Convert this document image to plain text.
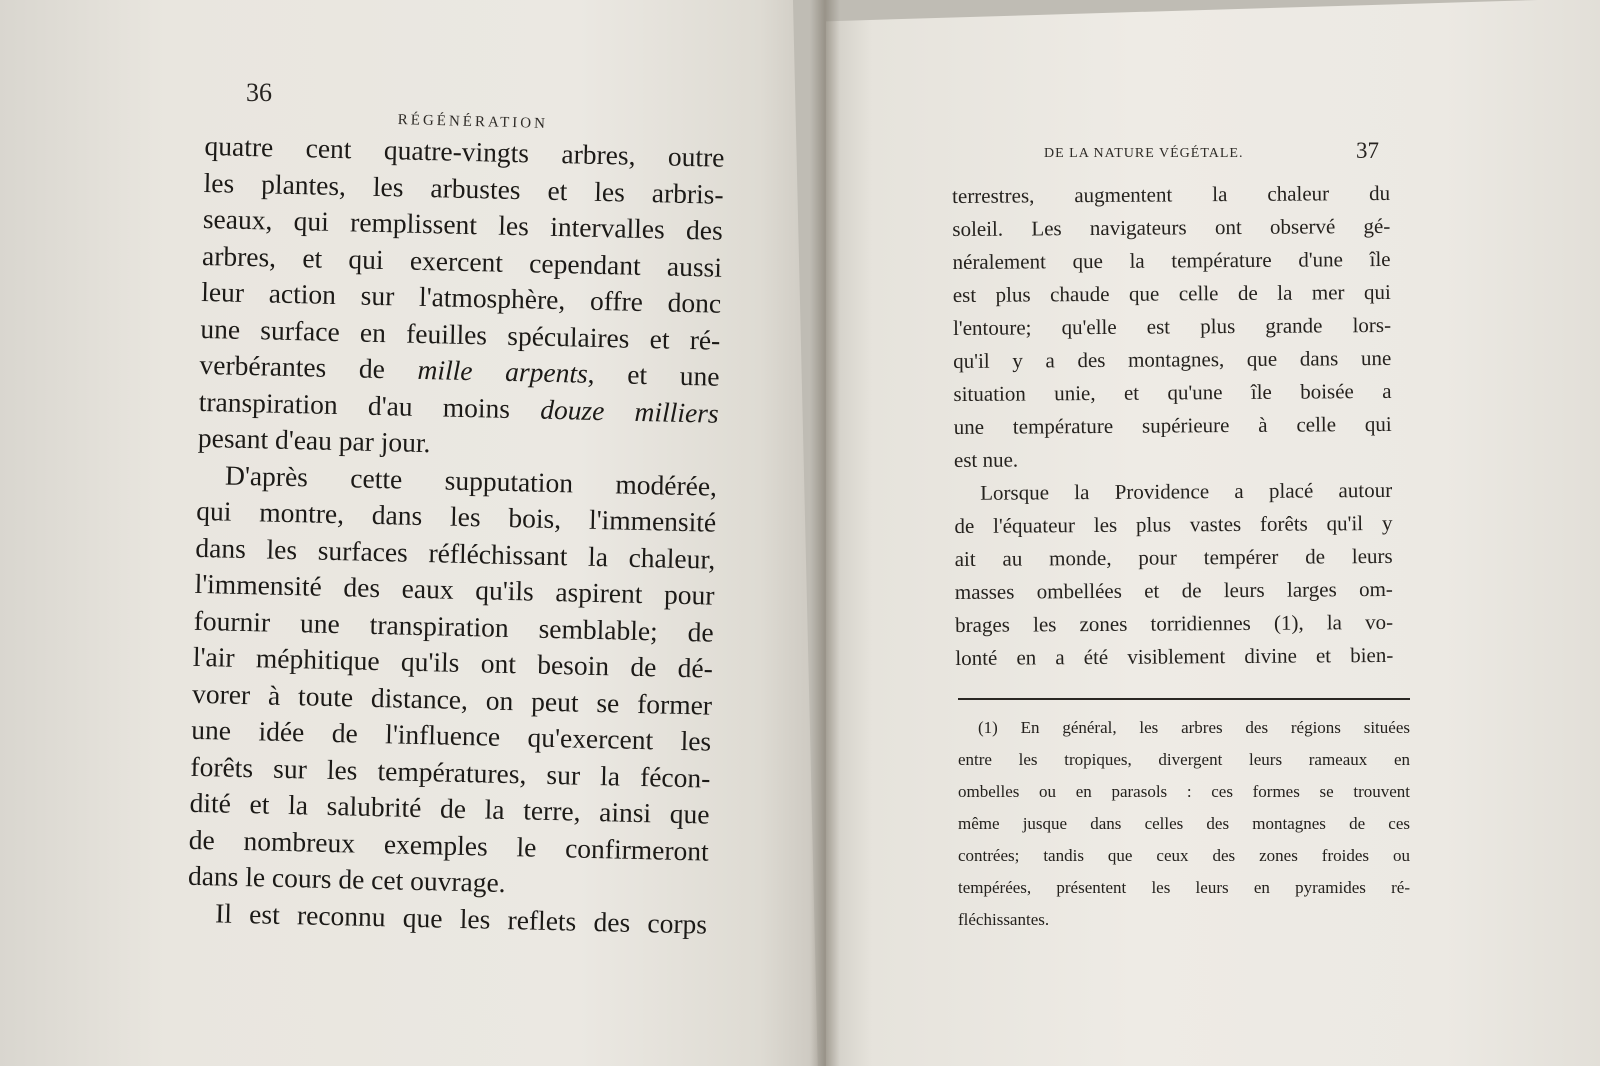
36
RÉGÉNÉRATION

quatre cent quatre-vingts arbres, outre

les plantes, les arbustes et les arbris-

seaux, qui remplissent les intervalles des

arbres, et qui exercent cependant aussi

leur action sur l'atmosphère, offre donc

une surface en feuilles spéculaires et ré-

verbérantes de mille arpents, et une

transpiration d'au moins douze milliers

pesant d'eau par jour.

D'après cette supputation modérée,

qui montre, dans les bois, l'immensité

dans les surfaces réfléchissant la chaleur,

l'immensité des eaux qu'ils aspirent pour

fournir une transpiration semblable; de

l'air méphitique qu'ils ont besoin de dé-

vorer à toute distance, on peut se former

une idée de l'influence qu'exercent les

forêts sur les températures, sur la fécon-

dité et la salubrité de la terre, ainsi que

de nombreux exemples le confirmeront

dans le cours de cet ouvrage.

Il est reconnu que les reflets des corps

DE LA NATURE VÉGÉTALE.	37

terrestres, augmentent la chaleur du

soleil. Les navigateurs ont observé gé-

néralement que la température d'une île

est plus chaude que celle de la mer qui

l'entoure; qu'elle est plus grande lors-

qu'il y a des montagnes, que dans une

situation unie, et qu'une île boisée a

une température supérieure à celle qui

est nue.

Lorsque la Providence a placé autour

de l'équateur les plus vastes forêts qu'il y

ait au monde, pour tempérer de leurs

masses ombellées et de leurs larges om-

brages les zones torridiennes (1), la vo-

lonté en a été visiblement divine et bien-

(1) En général, les arbres des régions situées

entre les tropiques, divergent leurs rameaux en

ombelles ou en parasols : ces formes se trouvent

même jusque dans celles des montagnes de ces

contrées; tandis que ceux des zones froides ou

tempérées, présentent les leurs en pyramides ré-

fléchissantes.
